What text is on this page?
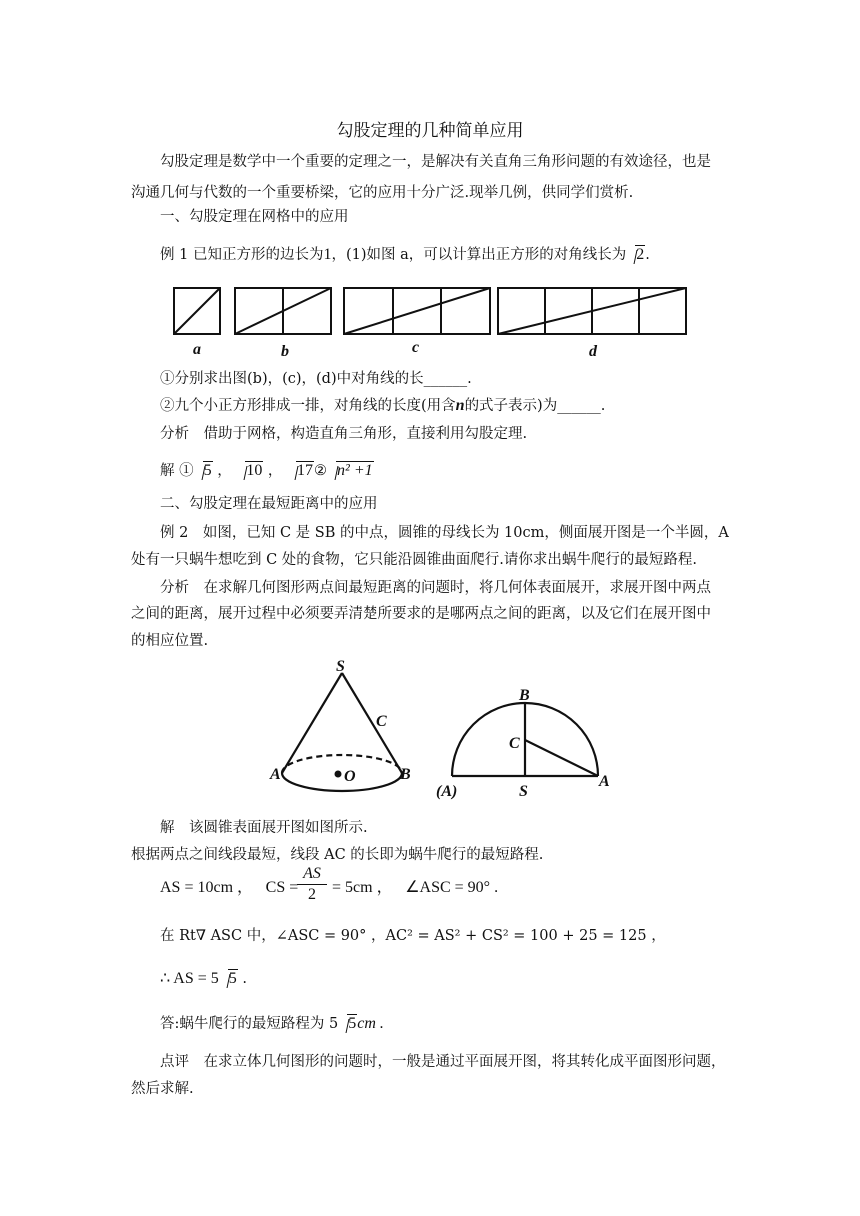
勾股定理的几种简单应用
勾股定理是数学中一个重要的定理之一，是解决有关直角三角形问题的有效途径，也是
沟通几何与代数的一个重要桥梁，它的应用十分广泛.现举几例，供同学们赏析.
一、勾股定理在网格中的应用
例 1 已知正方形的边长为1，(1)如图 a，可以计算出正方形的对角线长为 2.
a	b	c	d
①分别求出图(b)，(c)，(d)中对角线的长______.
②九个小正方形排成一排，对角线的长度(用含n的式子表示)为______.
分析　借助于网格，构造直角三角形，直接利用勾股定理.
解 ① 5 ， 10 ， 17② n² +1
二、勾股定理在最短距离中的应用
例 2　如图，已知 C 是 SB 的中点，圆锥的母线长为 10cm，侧面展开图是一个半圆，A
处有一只蜗牛想吃到 C 处的食物，它只能沿圆锥曲面爬行.请你求出蜗牛爬行的最短路程.
分析　在求解几何图形两点间最短距离的问题时，将几何体表面展开，求展开图中两点
之间的距离，展开过程中必须要弄清楚所要求的是哪两点之间的距离，以及它们在展开图中
的相应位置.
S
C
A	B
O
B
C
S
A
(A)
解　该圆锥表面展开图如图所示.
根据两点之间线段最短，线段 AC 的长即为蜗牛爬行的最短路程.
AS = 10cm ， CS =
$\frac{AS}{2} = 5cm$ ， ∠ASC = 90° .
在 Rt∇ ASC 中，∠ASC = 90° ，AC² = AS² + CS² = 100 + 25 = 125 ，
∴ AS = 5 5 .
答:蜗牛爬行的最短路程为 5 5cm .
点评　在求立体几何图形的问题时，一般是通过平面展开图，将其转化成平面图形问题，
然后求解.
